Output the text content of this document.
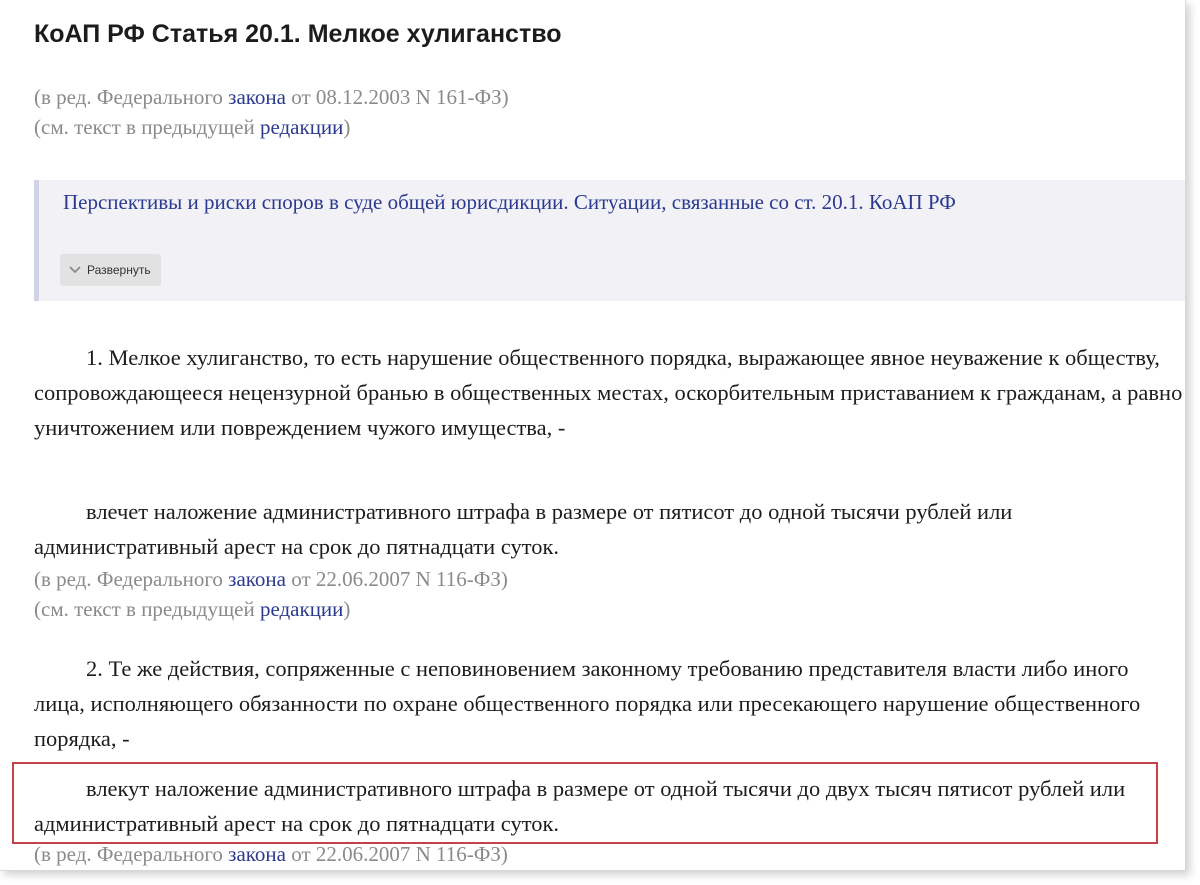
КоАП РФ Статья 20.1. Мелкое хулиганство

(в ред. Федерального закона от 08.12.2003 N 161-ФЗ)

(см. текст в предыдущей редакции)

Перспективы и риски споров в суде общей юрисдикции. Ситуации, связанные со ст. 20.1. КоАП РФ
Развернуть

1. Мелкое хулиганство, то есть нарушение общественного порядка, выражающее явное неуважение к обществу, сопровождающееся нецензурной бранью в общественных местах, оскорбительным приставанием к гражданам, а равно уничтожением или повреждением чужого имущества, -

влечет наложение административного штрафа в размере от пятисот до одной тысячи рублей или административный арест на срок до пятнадцати суток.

(в ред. Федерального закона от 22.06.2007 N 116-ФЗ)

(см. текст в предыдущей редакции)

2. Те же действия, сопряженные с неповиновением законному требованию представителя власти либо иного лица, исполняющего обязанности по охране общественного порядка или пресекающего нарушение общественного порядка, -

влекут наложение административного штрафа в размере от одной тысячи до двух тысяч пятисот рублей или административный арест на срок до пятнадцати суток.

(в ред. Федерального закона от 22.06.2007 N 116-ФЗ)
